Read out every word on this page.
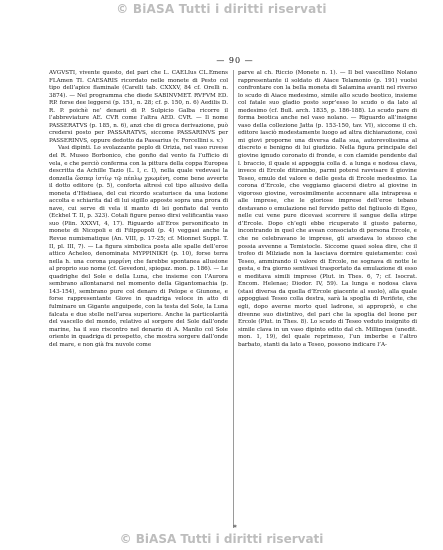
© BiASA Tutti i diritti riservati
— 90 —

AVGVSTI, vivente questo, del pari che L. CAELIus CL.Emens FLAmen TI. CAESARIS ricordato nelle monete di Pesto col tipo dell’apice flaminale (Carelli tab. CXXXV, 84 cf. Orelli n. 3874). — Nel programma che diede SABINVMET. RVFVM ED. RP. forse dee leggersi (p. 151, n. 28; cf. p. 150, n. 6) Aedilis D. R. P. poichè ne’ denarii di P. Sulpicio Galba ricorre il l’abbreviature AE. CVR come l’altra AED. CVR. — Il nome PASSERATVS (p. 185, n. 6), anzi che di greca derivazione, può credersi posto per PASSARATVS, siccome PASSARINVS per PASSERINVS, oppure dedotto da Passarius (v. Forcellini s. v.)

Vasi dipinti. Lo svolazzante peplo di Orizia, nel vaso ruvese del R. Museo Borbonico, che gonfio dal vento fa l’ufficio di vela, e che perciò conferma con la pittura della coppa Europea descritta da Achille Tazio (L. I, c. I), nella quale vedevasi la donzella ὥσπερ ἱστίῳ τῷ πέπλῳ χρωμένη, come bene avverte il dotto editore (p. 5), conforta altresì col tipo allusivo della moneta d’Histiaea, del cui ricordo scaturisce da una lezione accolta e schiarita dal di lui sigillo apposte sopra una prora di nave, cui serve di vela il manto di lei gonfiato dal vento (Eckhel T. II, p. 323). Cotali figure penso dirsi velificantia vaso suo (Plin. XXXVI, 4, 17). Riguardo all’Eros personificato in monete di Nicopoli e di Filippopoli (p. 4) veggasi anche la Revue numismatique (An. VIII, p. 17-25; cf. Mionnet Suppl. T. II, pl. III, 7). — La figura simbolica posta alle spalle dell’eroe attico Acheleo, denominata ΜΥΡΡΙΝΙΚΗ (p. 10), forse terra nella h. una corona μυρρίνη che farebbe spontanea allusione al proprio suo nome (cf. Gevedoni, spiegaz. mon. p. 186). — Le quadrighe del Sole e della Luna, che insieme con l’Aurora sembrano allontanarsi nel momento della Gigantomachia (p. 143-154), sembrano pure col denaro di Pelope e Giunone, e forse rappresentante Giove in quadriga veloce in atto di fulminare un Gigante anguipede, con la testa del Sole, la Luna falcata e due stelle nell’area superiore. Anche la particolarità del vascello del mondo, relativo al sorgere del Sole dall’onde marine, ha il suo riscontro nel denario di A. Manlio col Sole oriente in quadriga di prospetto, che mostra sorgere dall’onde del mare, e non già fra nuvole come

parve al ch. Riccio (Monete n. 1). — Il bel vascellino Nolano rappresentante il soldato di Aiace Telamonio (p. 191) vuolsi confrontare con la bella moneta di Salamina avanti nel riverso lo scudo di Aiace medesimo, simile allo scudo beotico, insieme col fatale suo gladio posto sopr’esso lo scudo o da lato al medesimo (cf. Bull. arch. 1835, p. 186-188). Lo scudo pare di forma beotica anche nel vaso nolano. — Riguardo all’insigne vaso della collezione Jatta (p. 153-150, tav. VI), siccome il ch. editore lasciò modestamente luogo ad altra dichiarazione, così mi giovi proporne una diversa dalla sua, autorevolissima al discreto e benigno di lui giudizio. Nella figura principale del giovine ignudo coronato di fronde, e con clamide pendente dal l. braccio, il quale si appoggia colla d. a lunga e nodosa clava, invece di Ercole ditirambo, parmi potersi ravvisare il giovine Teseo, emulo del valore e delle gesta di Ercole medesimo. La corona d’Ercole, che veggiamo giacersi dietro al giovine in vigoroso giovine, verosimilmente accennare alla intrapresa e alle imprese, che le gloriose imprese dell’eroe tebano destavano o emulazione nel fervido petto del figliuolo di Egeo, nelle cui vene pure dicevasi scorrere il sangue della stirpe d’Ercole. Dopo ch’egli ebbe ricuperato il giusto paterno, incontrando in quel che avean consociato di persona Ercole, e che ne celebravano le imprese, gli arsedava lo stesso che possia avvenne a Temistocle. Siccome quasi solea dire, che il trofeo di Milziade non la lasciava dormire quietamente: così Teseo, ammirando il valore di Ercole, ne sognava di notte le gesta, e fra giorno sentivasi trasportato da emulazione di esso e meditava simili imprese (Plut. in Thes. 6, 7; cf. Isocrat. Encom. Helenae; Diodor. IV, 59). La lunga e nodosa clava (stasi diversa da quella d’Ercole giacente al suolo), alla quale appoggiasi Teseo colla destra, sarà la spoglia di Perifete, che egli, dopo averne morto quel ladrone, si appropriò, e che divenne suo distintivo, del pari che la spoglia del leone per Ercole (Plut. in Thes. 8). Lo scudo di Teseo veduto insignito di simile clava in un vaso dipinto edito dal ch. Millingen (unedit. mon. 1, 19), del quale reprimeso, l’un imberbe e l’altro barbato, stanti da lato a Teseo, possono indicare l’A-

*
© BiASA Tutti i diritti riservati
